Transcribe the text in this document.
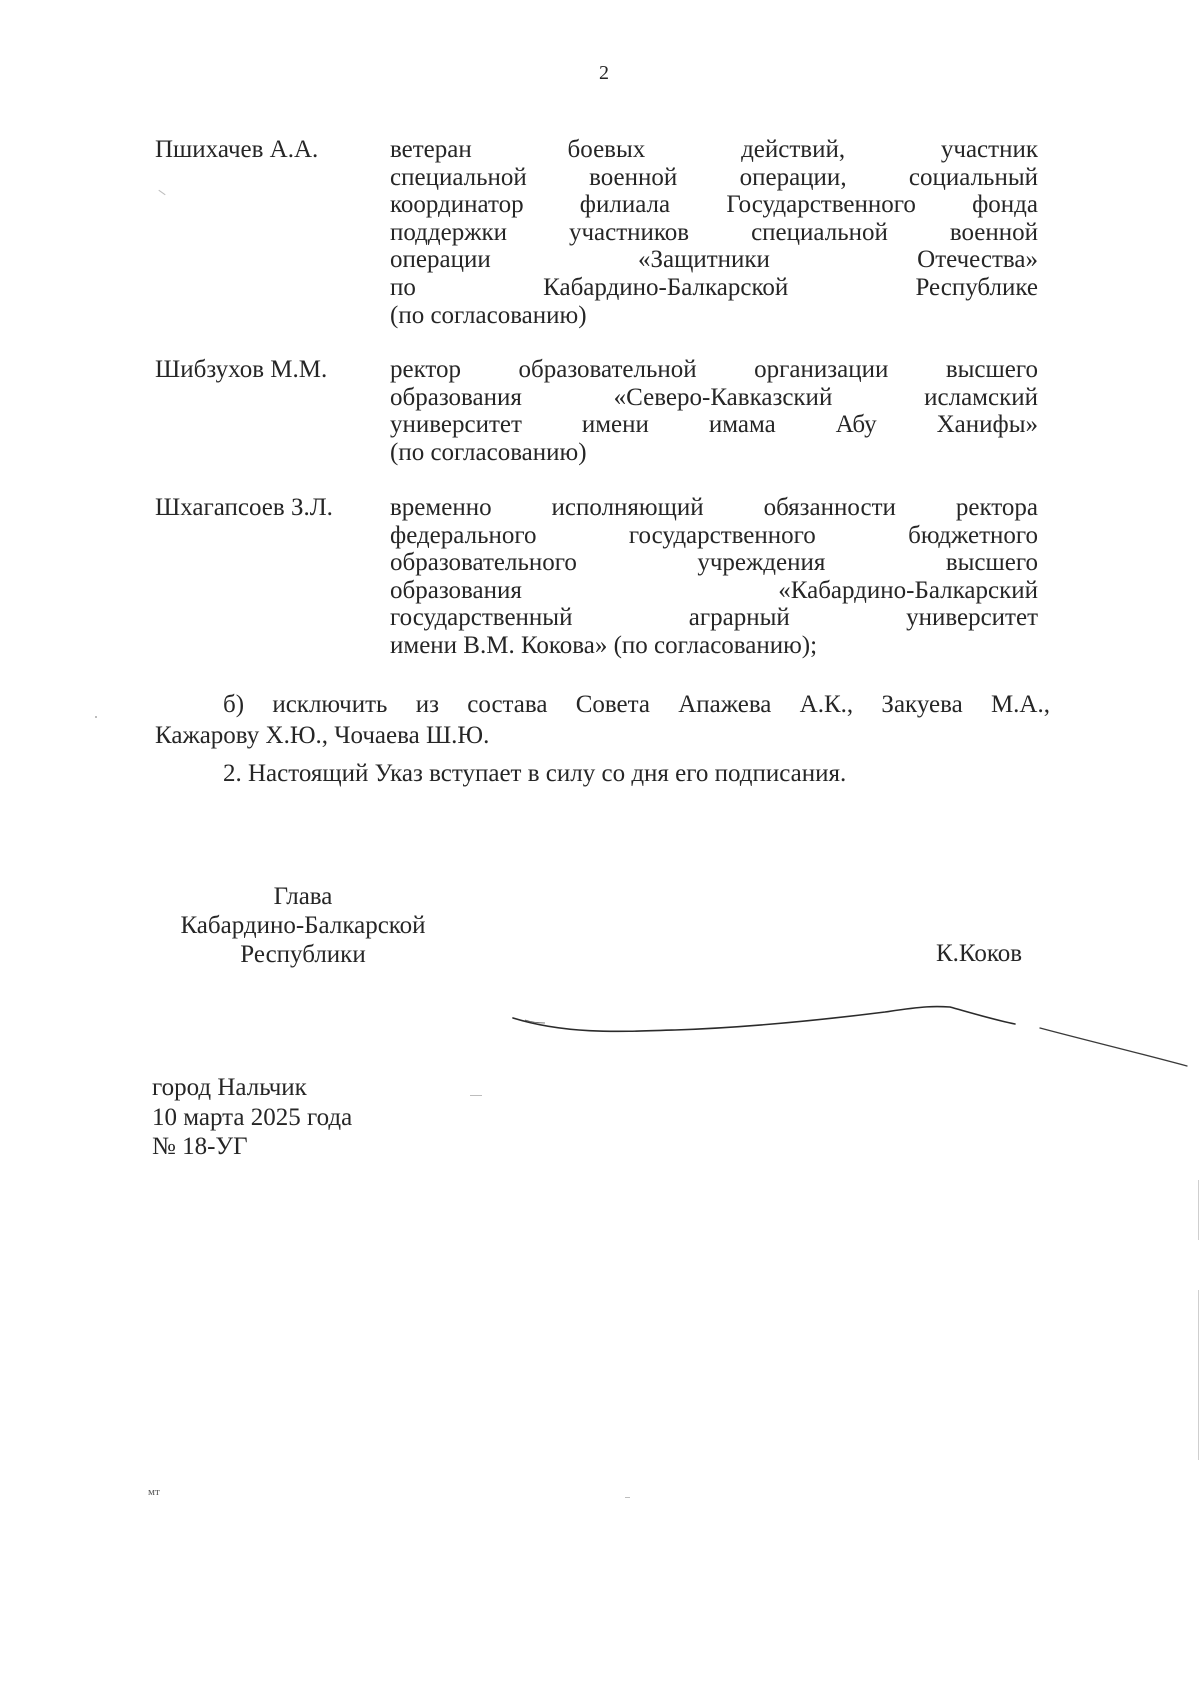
2
Пшихачев А.А.	ветеран боевых действий, участник
специальной военной операции, социальный
координатор филиала Государственного фонда
поддержки участников специальной военной
операции «Защитники Отечества»
по Кабардино-Балкарской Республике
(по согласованию)
Шибзухов М.М.	ректор образовательной организации высшего
образования «Северо-Кавказский исламский
университет имени имама Абу Ханифы»
(по согласованию)
Шхагапсоев З.Л.	временно исполняющий обязанности ректора
федерального государственного бюджетного
образовательного учреждения высшего
образования «Кабардино-Балкарский
государственный аграрный университет
имени В.М. Кокова» (по согласованию);
б) исключить из состава Совета Апажева А.К., Закуева М.А.,
Кажарову Х.Ю., Чочаева Ш.Ю.
2. Настоящий Указ вступает в силу со дня его подписания.
Глава
Кабардино-Балкарской
Республики	К.Коков
город Нальчик
10 марта 2025 года
№ 18-УГ
мт
